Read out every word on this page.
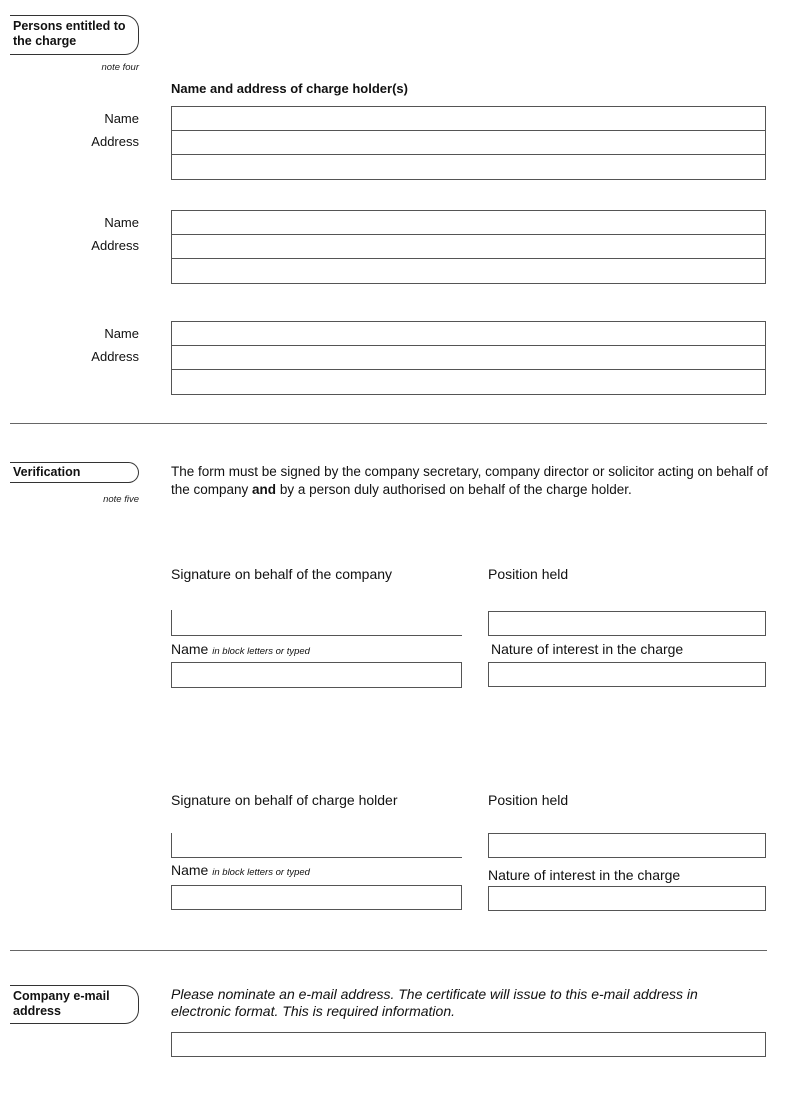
Persons entitled to the charge
note four
Name and address of charge holder(s)
Name
Address
Name
Address
Name
Address
Verification
note five
The form must be signed by the company secretary, company director or solicitor acting on behalf of the company and by a person duly authorised on behalf of the charge holder.
Signature on behalf of the company	Position held
Name in block letters or typed	Nature of interest in the charge
Signature on behalf of charge holder	Position held
Name in block letters or typed	Nature of interest in the charge
Company e-mail address
Please nominate an e-mail address. The certificate will issue to this e-mail address in electronic format. This is required information.
